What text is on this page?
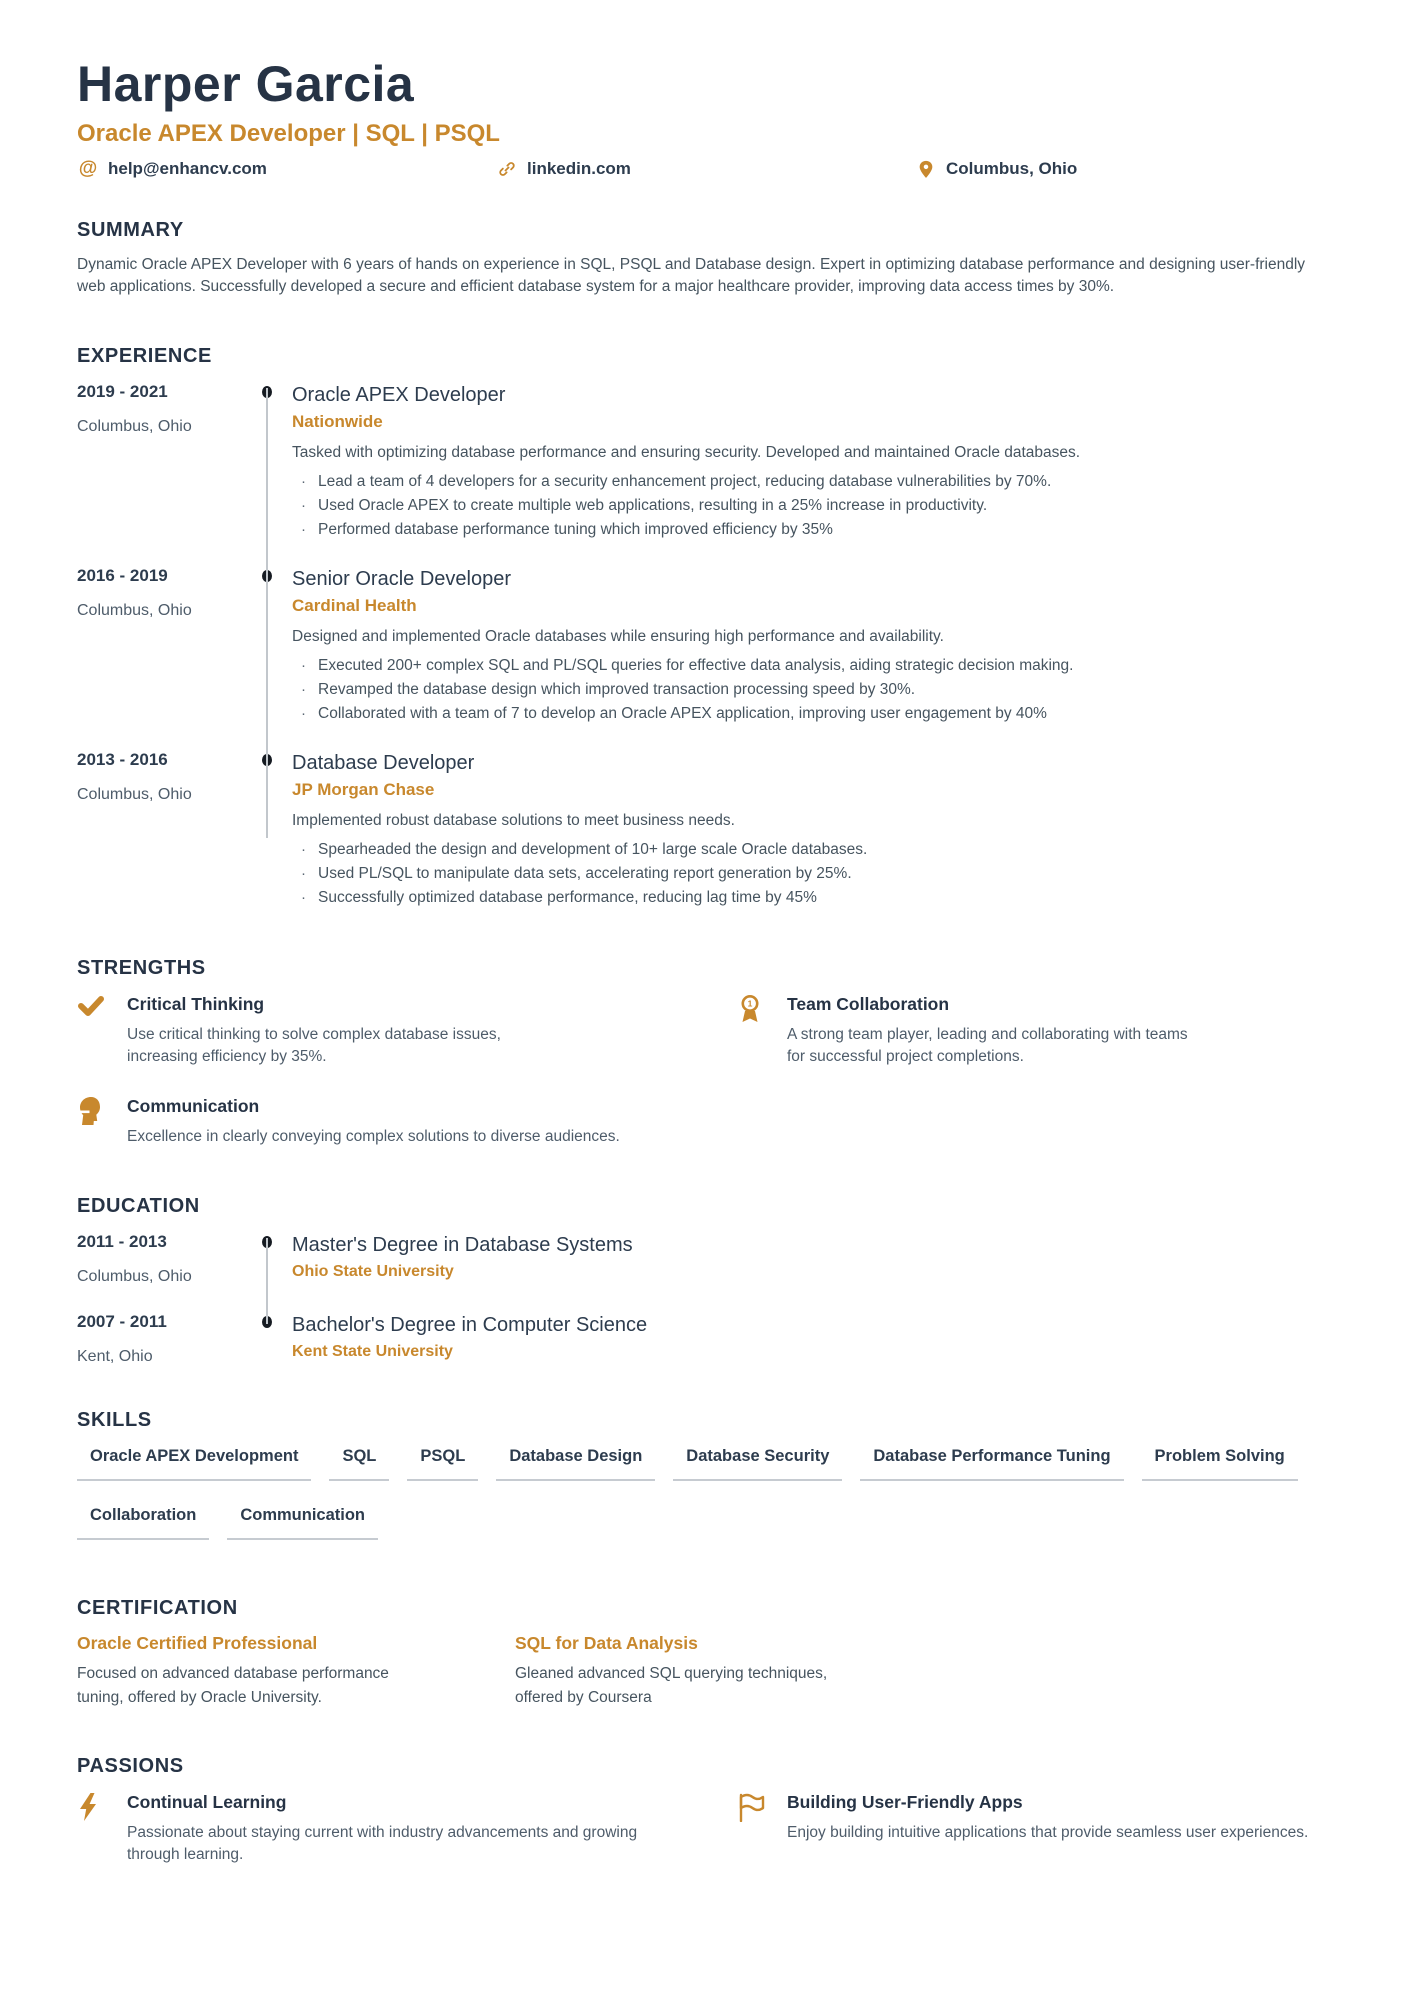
Harper Garcia
Oracle APEX Developer | SQL | PSQL
@ help@enhancv.com	linkedin.com	Columbus, Ohio
SUMMARY
Dynamic Oracle APEX Developer with 6 years of hands on experience in SQL, PSQL and Database design. Expert in optimizing database performance and designing user-friendly web applications. Successfully developed a secure and efficient database system for a major healthcare provider, improving data access times by 30%.
EXPERIENCE
2019 - 2021
Columbus, Ohio
Oracle APEX Developer
Nationwide
Tasked with optimizing database performance and ensuring security. Developed and maintained Oracle databases.
· Lead a team of 4 developers for a security enhancement project, reducing database vulnerabilities by 70%.
· Used Oracle APEX to create multiple web applications, resulting in a 25% increase in productivity.
· Performed database performance tuning which improved efficiency by 35%
2016 - 2019
Columbus, Ohio
Senior Oracle Developer
Cardinal Health
Designed and implemented Oracle databases while ensuring high performance and availability.
· Executed 200+ complex SQL and PL/SQL queries for effective data analysis, aiding strategic decision making.
· Revamped the database design which improved transaction processing speed by 30%.
· Collaborated with a team of 7 to develop an Oracle APEX application, improving user engagement by 40%
2013 - 2016
Columbus, Ohio
Database Developer
JP Morgan Chase
Implemented robust database solutions to meet business needs.
· Spearheaded the design and development of 10+ large scale Oracle databases.
· Used PL/SQL to manipulate data sets, accelerating report generation by 25%.
· Successfully optimized database performance, reducing lag time by 45%
STRENGTHS
Critical Thinking
Use critical thinking to solve complex database issues, increasing efficiency by 35%.
1 Team Collaboration
A strong team player, leading and collaborating with teams for successful project completions.
Communication
Excellence in clearly conveying complex solutions to diverse audiences.
EDUCATION
2011 - 2013
Columbus, Ohio
Master's Degree in Database Systems
Ohio State University
2007 - 2011
Kent, Ohio
Bachelor's Degree in Computer Science
Kent State University
SKILLS
Oracle APEX Development	SQL	PSQL	Database Design	Database Security	Database Performance Tuning	Problem Solving
Collaboration	Communication
CERTIFICATION
Oracle Certified Professional
Focused on advanced database performance tuning, offered by Oracle University.
SQL for Data Analysis
Gleaned advanced SQL querying techniques, offered by Coursera
PASSIONS
Continual Learning
Passionate about staying current with industry advancements and growing through learning.
Building User-Friendly Apps
Enjoy building intuitive applications that provide seamless user experiences.
